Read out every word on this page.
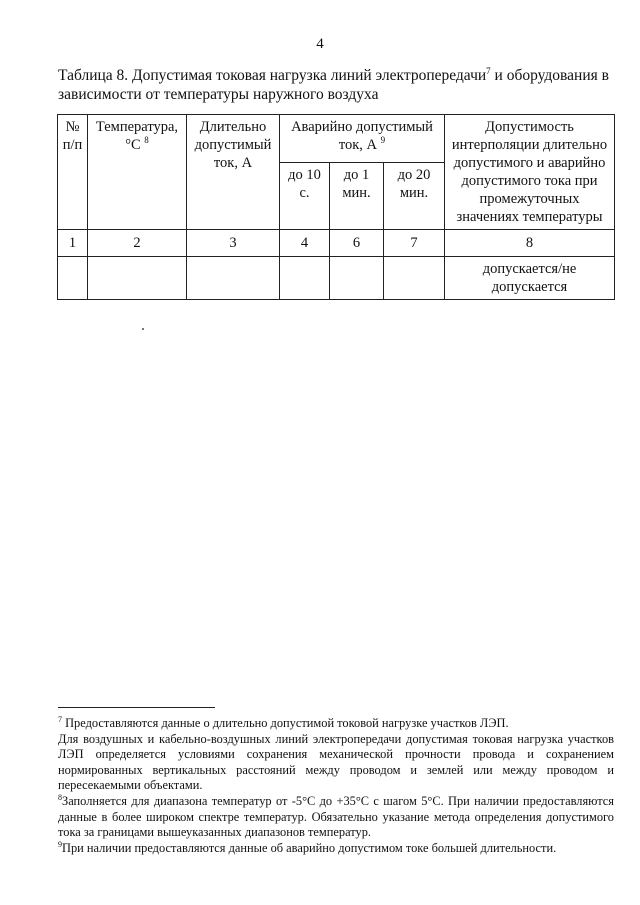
4
Таблица 8. Допустимая токовая нагрузка линий электропередачи$^7$ и оборудования в зависимости от температуры наружного воздуха
№ п/п	Температура, °С $^8$	Длительно допустимый ток, А	Аварийно допустимый ток, А $^9$			Допустимость интерполяции длительно допустимого и аварийно допустимого тока при промежуточных значениях температуры
			до 10 с.	до 1 мин.	до 20 мин.	
1	2	3	4	6	7	8
						допускается/не допускается

$^7$ Предоставляются данные о длительно допустимой токовой нагрузке участков ЛЭП.

Для воздушных и кабельно-воздушных линий электропередачи допустимая токовая нагрузка участков ЛЭП определяется условиями сохранения механической прочности провода и сохранением нормированных вертикальных расстояний между проводом и землей или между проводом и пересекаемыми объектами.

$^8$Заполняется для диапазона температур от -5°С до +35°С с шагом 5°С. При наличии предоставляются данные в более широком спектре температур. Обязательно указание метода определения допустимого тока за границами вышеуказанных диапазонов температур.

$^9$При наличии предоставляются данные об аварийно допустимом токе большей длительности.
